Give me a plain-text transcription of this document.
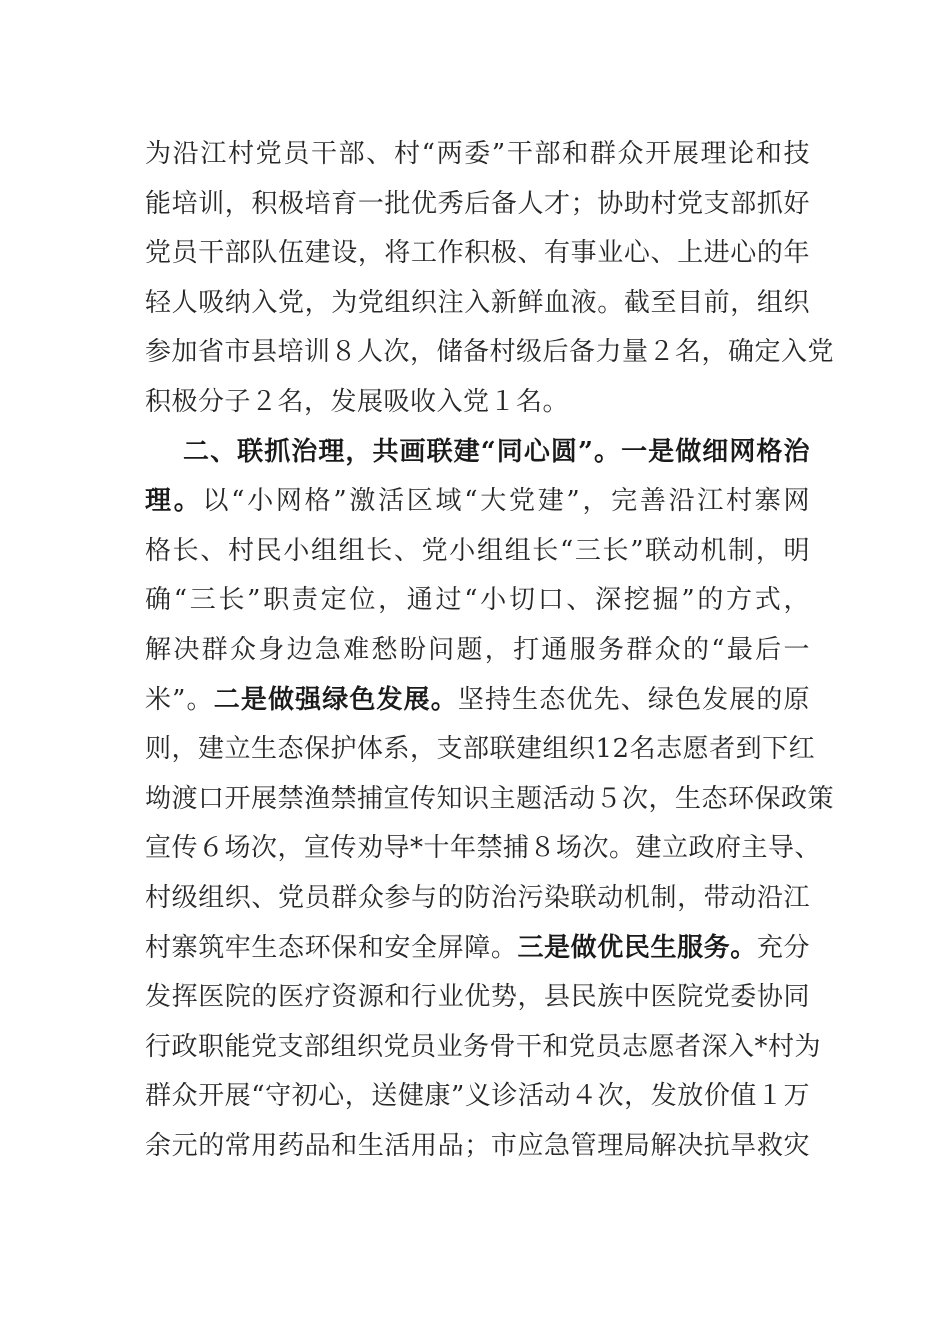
为沿江村党员干部、村“两委”干部和群众开展理论和技
能培训，积极培育一批优秀后备人才；协助村党支部抓好
党员干部队伍建设，将工作积极、有事业心、上进心的年
轻人吸纳入党，为党组织注入新鲜血液。截至目前，组织
参加省市县培训８人次，储备村级后备力量２名，确定入党
积极分子２名，发展吸收入党１名。
二、联抓治理，共画联建“同心圆”。一是做细网格治
理。以“小网格”激活区域“大党建”，完善沿江村寨网
格长、村民小组组长、党小组组长“三长”联动机制，明
确“三长”职责定位，通过“小切口、深挖掘”的方式，
解决群众身边急难愁盼问题，打通服务群众的“最后一
米”。二是做强绿色发展。坚持生态优先、绿色发展的原
则，建立生态保护体系，支部联建组织12名志愿者到下红
坳渡口开展禁渔禁捕宣传知识主题活动５次，生态环保政策
宣传６场次，宣传劝导*十年禁捕８场次。建立政府主导、
村级组织、党员群众参与的防治污染联动机制，带动沿江
村寨筑牢生态环保和安全屏障。三是做优民生服务。充分
发挥医院的医疗资源和行业优势，县民族中医院党委协同
行政职能党支部组织党员业务骨干和党员志愿者深入*村为
群众开展“守初心，送健康”义诊活动４次，发放价值１万
余元的常用药品和生活用品；市应急管理局解决抗旱救灾
